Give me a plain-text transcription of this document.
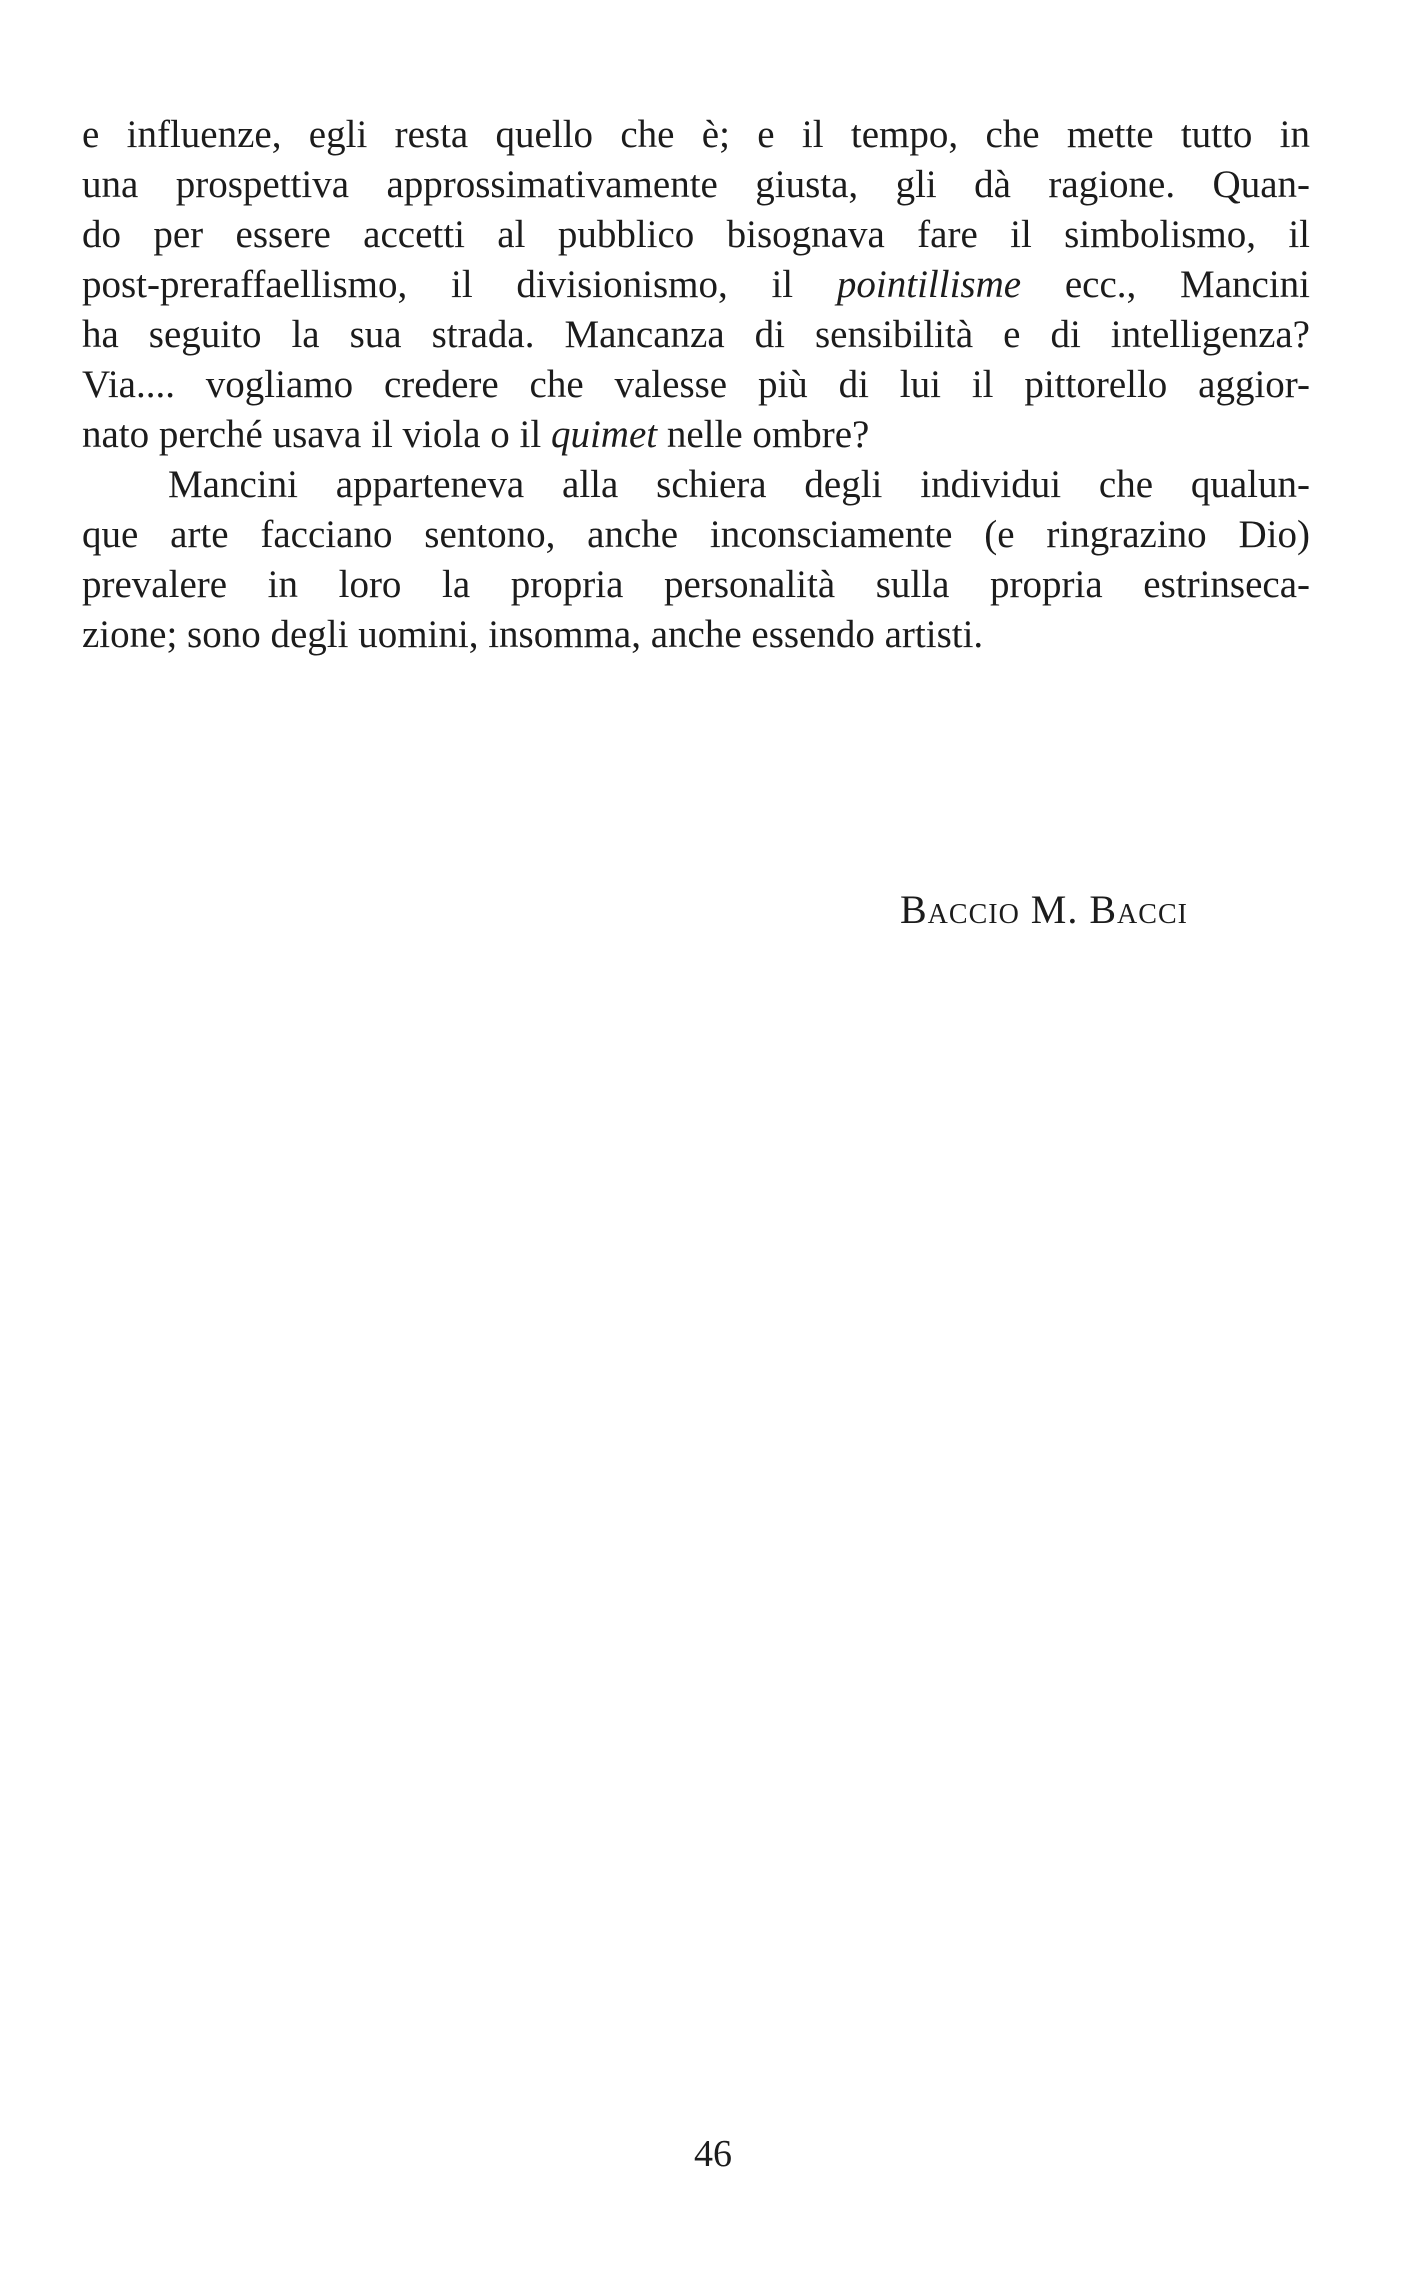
e influenze, egli resta quello che è; e il tempo, che mette tutto in
una prospettiva approssimativamente giusta, gli dà ragione. Quan-
do per essere accetti al pubblico bisognava fare il simbolismo, il
post-preraffaellismo, il divisionismo, il pointillisme ecc., Mancini
ha seguito la sua strada. Mancanza di sensibilità e di intelligenza?
Via.... vogliamo credere che valesse più di lui il pittorello aggior-
nato perché usava il viola o il quimet nelle ombre?
Mancini apparteneva alla schiera degli individui che qualun-
que arte facciano sentono, anche inconsciamente (e ringrazino Dio)
prevalere in loro la propria personalità sulla propria estrinseca-
zione; sono degli uomini, insomma, anche essendo artisti.
Baccio M. Bacci
46
